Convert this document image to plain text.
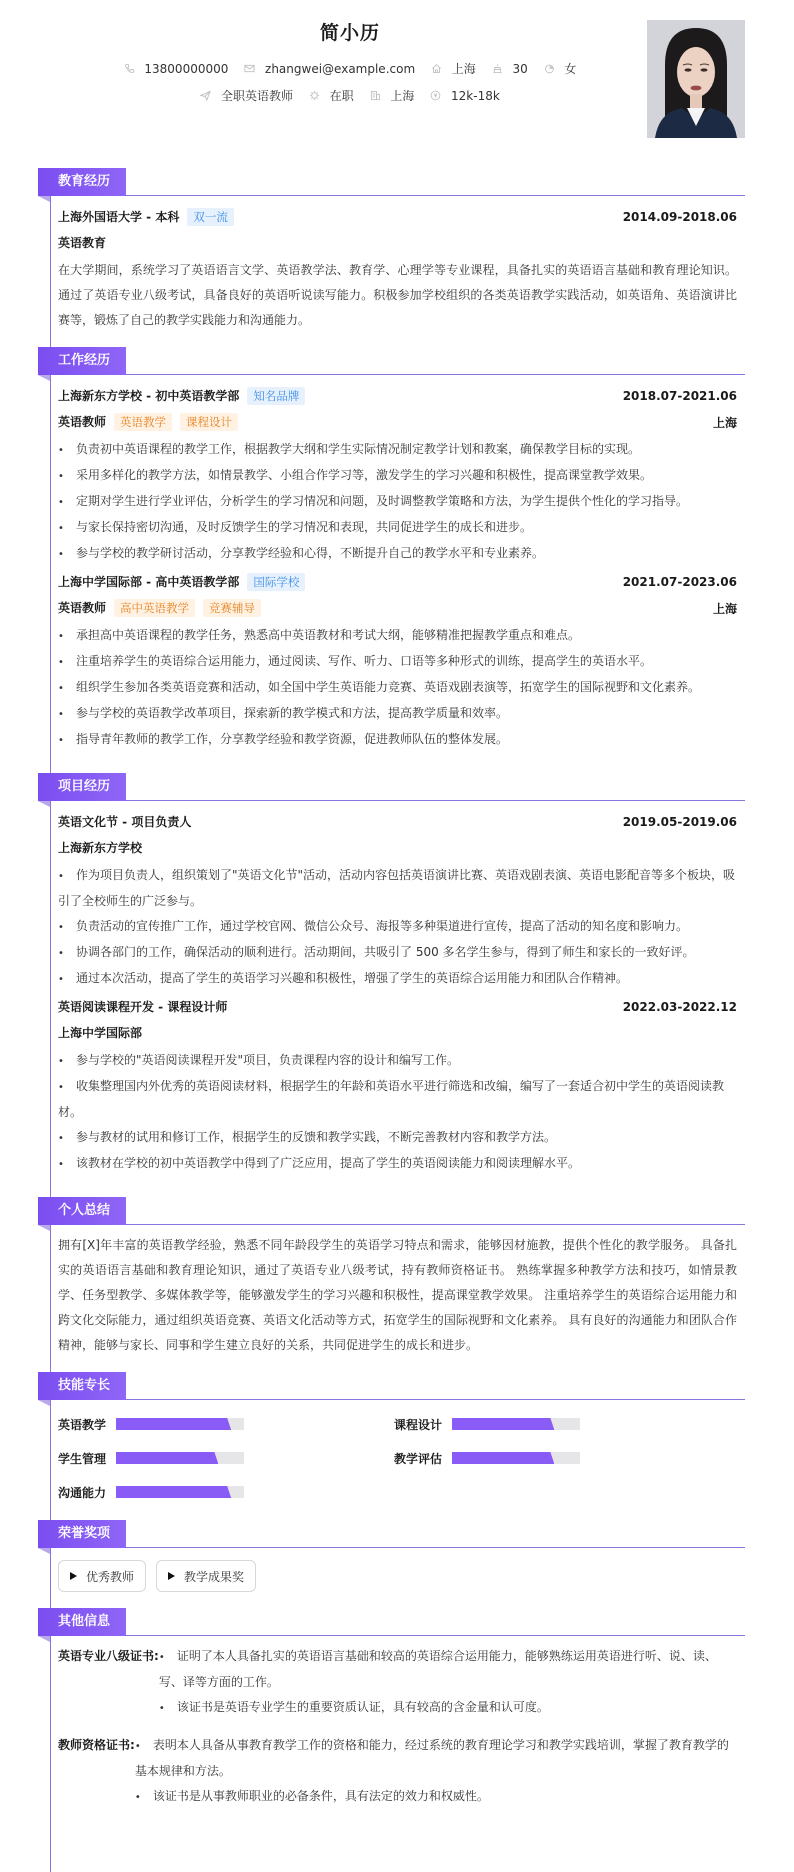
简小历
13800000000	zhangwei@example.com	上海	30	女
全职英语教师	在职	上海	12k-18k
教育经历
上海外国语大学 - 本科 双一流	2014.09-2018.06
英语教育
在大学期间，系统学习了英语语言文学、英语教学法、教育学、心理学等专业课程，具备扎实的英语语言基础和教育理论知识。通过了英语专业八级考试，具备良好的英语听说读写能力。积极参加学校组织的各类英语教学实践活动，如英语角、英语演讲比赛等，锻炼了自己的教学实践能力和沟通能力。
工作经历
上海新东方学校 - 初中英语教学部 知名品牌	2018.07-2021.06
英语教师 英语教学 课程设计	上海
• 负责初中英语课程的教学工作，根据教学大纲和学生实际情况制定教学计划和教案，确保教学目标的实现。
• 采用多样化的教学方法，如情景教学、小组合作学习等，激发学生的学习兴趣和积极性，提高课堂教学效果。
• 定期对学生进行学业评估，分析学生的学习情况和问题，及时调整教学策略和方法，为学生提供个性化的学习指导。
• 与家长保持密切沟通，及时反馈学生的学习情况和表现，共同促进学生的成长和进步。
• 参与学校的教学研讨活动，分享教学经验和心得，不断提升自己的教学水平和专业素养。
上海中学国际部 - 高中英语教学部 国际学校	2021.07-2023.06
英语教师 高中英语教学 竞赛辅导	上海
• 承担高中英语课程的教学任务，熟悉高中英语教材和考试大纲，能够精准把握教学重点和难点。
• 注重培养学生的英语综合运用能力，通过阅读、写作、听力、口语等多种形式的训练，提高学生的英语水平。
• 组织学生参加各类英语竞赛和活动，如全国中学生英语能力竞赛、英语戏剧表演等，拓宽学生的国际视野和文化素养。
• 参与学校的英语教学改革项目，探索新的教学模式和方法，提高教学质量和效率。
• 指导青年教师的教学工作，分享教学经验和教学资源，促进教师队伍的整体发展。
项目经历
英语文化节 - 项目负责人	2019.05-2019.06
上海新东方学校
• 作为项目负责人，组织策划了"英语文化节"活动，活动内容包括英语演讲比赛、英语戏剧表演、英语电影配音等多个板块，吸引了全校师生的广泛参与。
• 负责活动的宣传推广工作，通过学校官网、微信公众号、海报等多种渠道进行宣传，提高了活动的知名度和影响力。
• 协调各部门的工作，确保活动的顺利进行。活动期间，共吸引了 500 多名学生参与，得到了师生和家长的一致好评。
• 通过本次活动，提高了学生的英语学习兴趣和积极性，增强了学生的英语综合运用能力和团队合作精神。
英语阅读课程开发 - 课程设计师	2022.03-2022.12
上海中学国际部
• 参与学校的"英语阅读课程开发"项目，负责课程内容的设计和编写工作。
• 收集整理国内外优秀的英语阅读材料，根据学生的年龄和英语水平进行筛选和改编，编写了一套适合初中学生的英语阅读教材。
• 参与教材的试用和修订工作，根据学生的反馈和教学实践，不断完善教材内容和教学方法。
• 该教材在学校的初中英语教学中得到了广泛应用，提高了学生的英语阅读能力和阅读理解水平。
个人总结
拥有[X]年丰富的英语教学经验，熟悉不同年龄段学生的英语学习特点和需求，能够因材施教，提供个性化的教学服务。 具备扎实的英语语言基础和教育理论知识，通过了英语专业八级考试，持有教师资格证书。 熟练掌握多种教学方法和技巧，如情景教学、任务型教学、多媒体教学等，能够激发学生的学习兴趣和积极性，提高课堂教学效果。 注重培养学生的英语综合运用能力和跨文化交际能力，通过组织英语竞赛、英语文化活动等方式，拓宽学生的国际视野和文化素养。 具有良好的沟通能力和团队合作精神，能够与家长、同事和学生建立良好的关系，共同促进学生的成长和进步。
技能专长
英语教学	课程设计
学生管理	教学评估
沟通能力
荣誉奖项
优秀教师	教学成果奖
其他信息
英语专业八级证书: • 证明了本人具备扎实的英语语言基础和较高的英语综合运用能力，能够熟练运用英语进行听、说、读、写、译等方面的工作。
• 该证书是英语专业学生的重要资质认证，具有较高的含金量和认可度。
教师资格证书: • 表明本人具备从事教育教学工作的资格和能力，经过系统的教育理论学习和教学实践培训，掌握了教育教学的基本规律和方法。
• 该证书是从事教师职业的必备条件，具有法定的效力和权威性。
